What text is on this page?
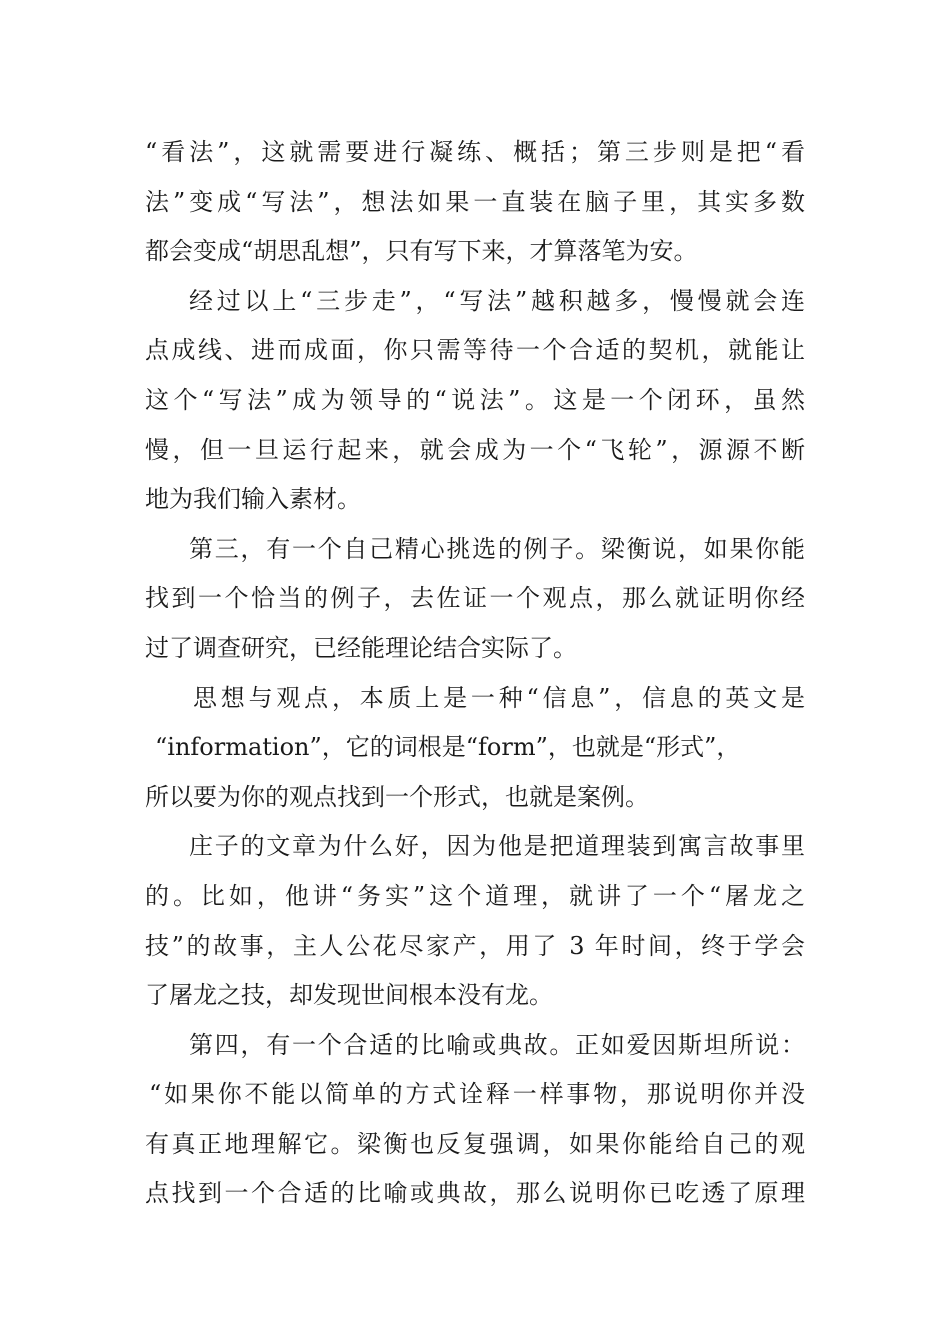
“看法”，这就需要进行凝练、概括；第三步则是把“看
法”变成“写法”，想法如果一直装在脑子里，其实多数
都会变成“胡思乱想”，只有写下来，才算落笔为安。
经过以上“三步走”，“写法”越积越多，慢慢就会连
点成线、进而成面，你只需等待一个合适的契机，就能让
这个“写法”成为领导的“说法”。这是一个闭环，虽然
慢，但一旦运行起来，就会成为一个“飞轮”，源源不断
地为我们输入素材。
第三，有一个自己精心挑选的例子。梁衡说，如果你能
找到一个恰当的例子，去佐证一个观点，那么就证明你经
过了调查研究，已经能理论结合实际了。
思想与观点，本质上是一种“信息”，信息的英文是
“information”，它的词根是“form”，也就是“形式”，
所以要为你的观点找到一个形式，也就是案例。
庄子的文章为什么好，因为他是把道理装到寓言故事里
的。比如，他讲“务实”这个道理，就讲了一个“屠龙之
技”的故事，主人公花尽家产，用了 3 年时间，终于学会
了屠龙之技，却发现世间根本没有龙。
第四，有一个合适的比喻或典故。正如爱因斯坦所说：
“如果你不能以简单的方式诠释一样事物，那说明你并没
有真正地理解它。梁衡也反复强调，如果你能给自己的观
点找到一个合适的比喻或典故，那么说明你已吃透了原理
